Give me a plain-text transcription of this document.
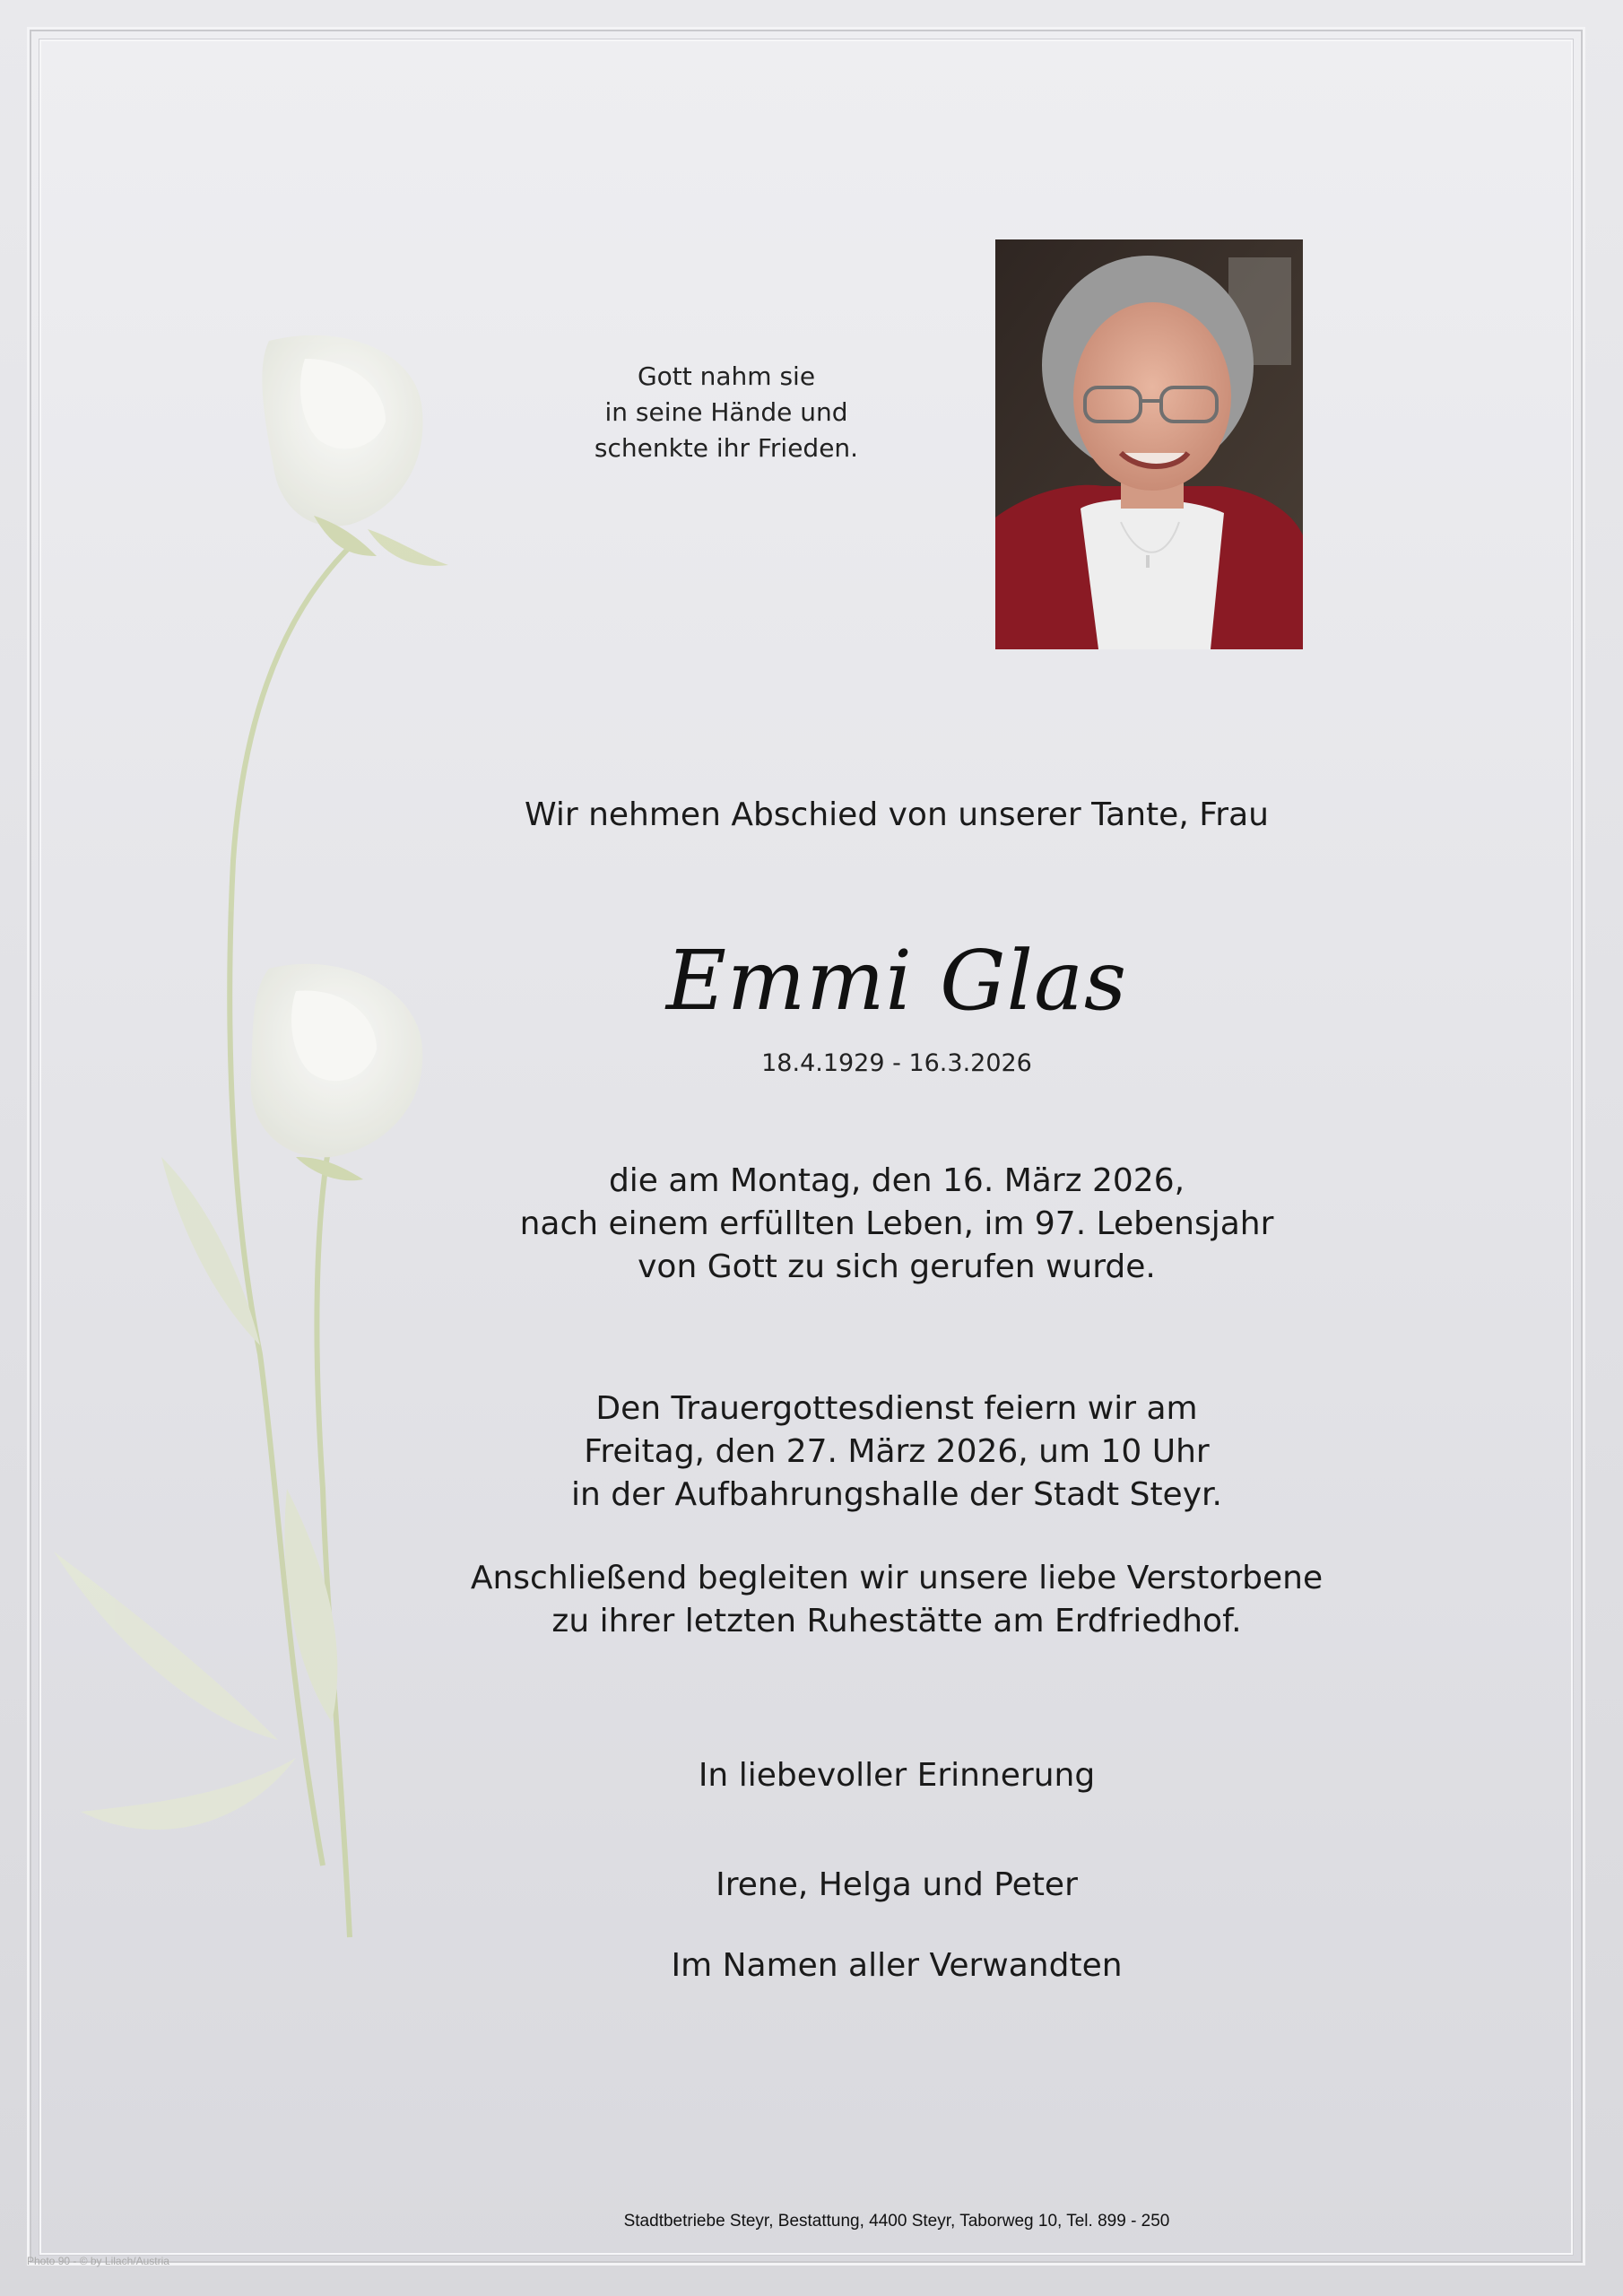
Gott nahm sie
in seine Hände und
schenkte ihr Frieden.
Wir nehmen Abschied von unserer Tante, Frau
Emmi Glas
18.4.1929 - 16.3.2026
die am Montag, den 16. März 2026,
nach einem erfüllten Leben, im 97. Lebensjahr
von Gott zu sich gerufen wurde.
Den Trauergottesdienst feiern wir am
Freitag, den 27. März 2026, um 10 Uhr
in der Aufbahrungshalle der Stadt Steyr.
Anschließend begleiten wir unsere liebe Verstorbene
zu ihrer letzten Ruhestätte am Erdfriedhof.
In liebevoller Erinnerung
Irene, Helga und Peter
Im Namen aller Verwandten
Stadtbetriebe Steyr, Bestattung, 4400 Steyr, Taborweg 10, Tel. 899 - 250
Photo 90 - © by Lilach/Austria
